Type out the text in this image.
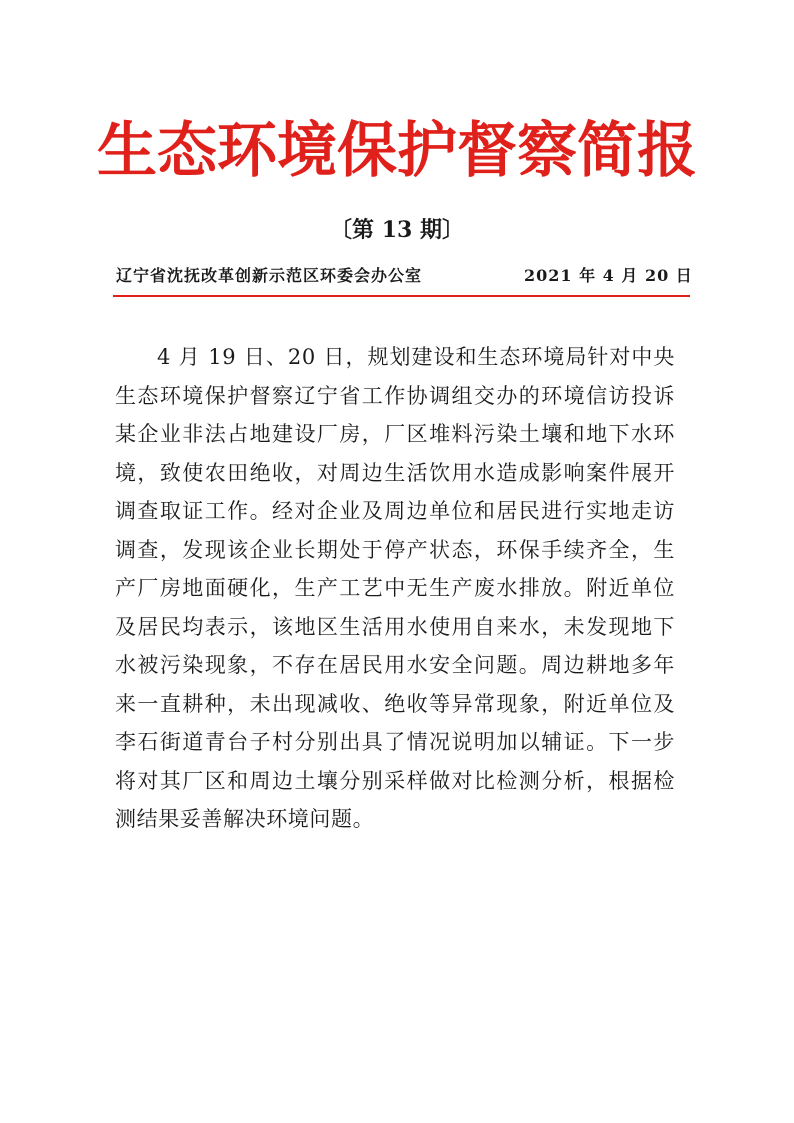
生态环境保护督察简报
〔第 13 期〕
辽宁省沈抚改革创新示范区环委会办公室	2021 年 4 月 20 日

4 月 19 日、20 日，规划建设和生态环境局针对中央生态环境保护督察辽宁省工作协调组交办的环境信访投诉某企业非法占地建设厂房，厂区堆料污染土壤和地下水环境，致使农田绝收，对周边生活饮用水造成影响案件展开调查取证工作。经对企业及周边单位和居民进行实地走访调查，发现该企业长期处于停产状态，环保手续齐全，生产厂房地面硬化，生产工艺中无生产废水排放。附近单位及居民均表示，该地区生活用水使用自来水，未发现地下水被污染现象，不存在居民用水安全问题。周边耕地多年来一直耕种，未出现减收、绝收等异常现象，附近单位及李石街道青台子村分别出具了情况说明加以辅证。下一步将对其厂区和周边土壤分别采样做对比检测分析，根据检测结果妥善解决环境问题。
